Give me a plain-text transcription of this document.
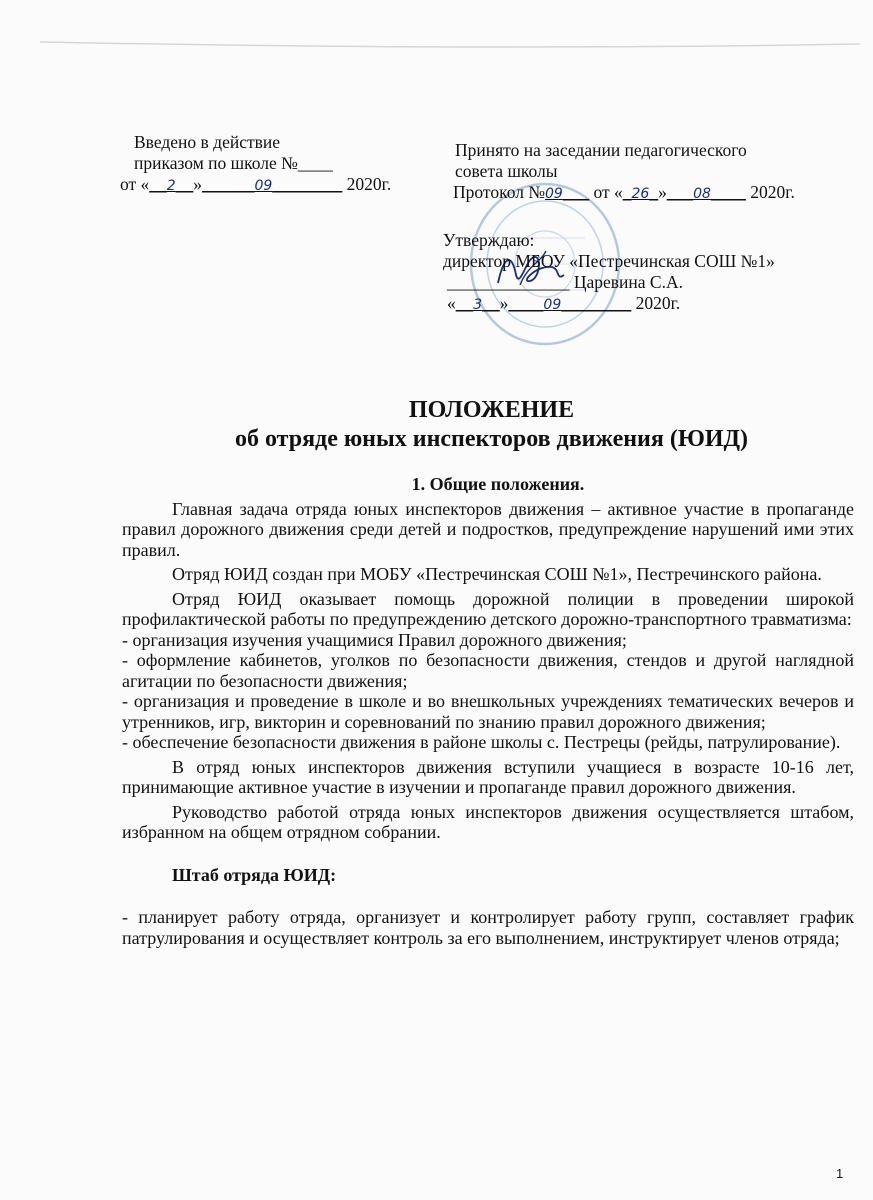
Введено в действие
приказом по школе №____
от «__2__»______09________ 2020г.
Принято на заседании педагогического
совета школы
Протокол №09___ от «_26_»___08____ 2020г.
Утверждаю:
директор МБОУ «Пестречинская СОШ №1»
______________ Царевина С.А.
«__3__»____09________ 2020г.
ПОЛОЖЕНИЕ
об отряде юных инспекторов движения (ЮИД)

1. Общие положения.

Главная задача отряда юных инспекторов движения – активное участие в пропаганде правил дорожного движения среди детей и подростков, предупреждение нарушений ими этих правил.

Отряд ЮИД создан при МОБУ «Пестречинская СОШ №1», Пестречинского района.

Отряд ЮИД оказывает помощь дорожной полиции в проведении широкой профилактической работы по предупреждению детского дорожно-транспортного травматизма:

- организация изучения учащимися Правил дорожного движения;

- оформление кабинетов, уголков по безопасности движения, стендов и другой наглядной агитации по безопасности движения;

- организация и проведение в школе и во внешкольных учреждениях тематических вечеров и утренников, игр, викторин и соревнований по знанию правил дорожного движения;

- обеспечение безопасности движения в районе школы с. Пестрецы (рейды, патрулирование).

В отряд юных инспекторов движения вступили учащиеся в возрасте 10-16 лет, принимающие активное участие в изучении и пропаганде правил дорожного движения.

Руководство работой отряда юных инспекторов движения осуществляется штабом, избранном на общем отрядном собрании.

Штаб отряда ЮИД:

- планирует работу отряда, организует и контролирует работу групп, составляет график патрулирования и осуществляет контроль за его выполнением, инструктирует членов отряда;

1
